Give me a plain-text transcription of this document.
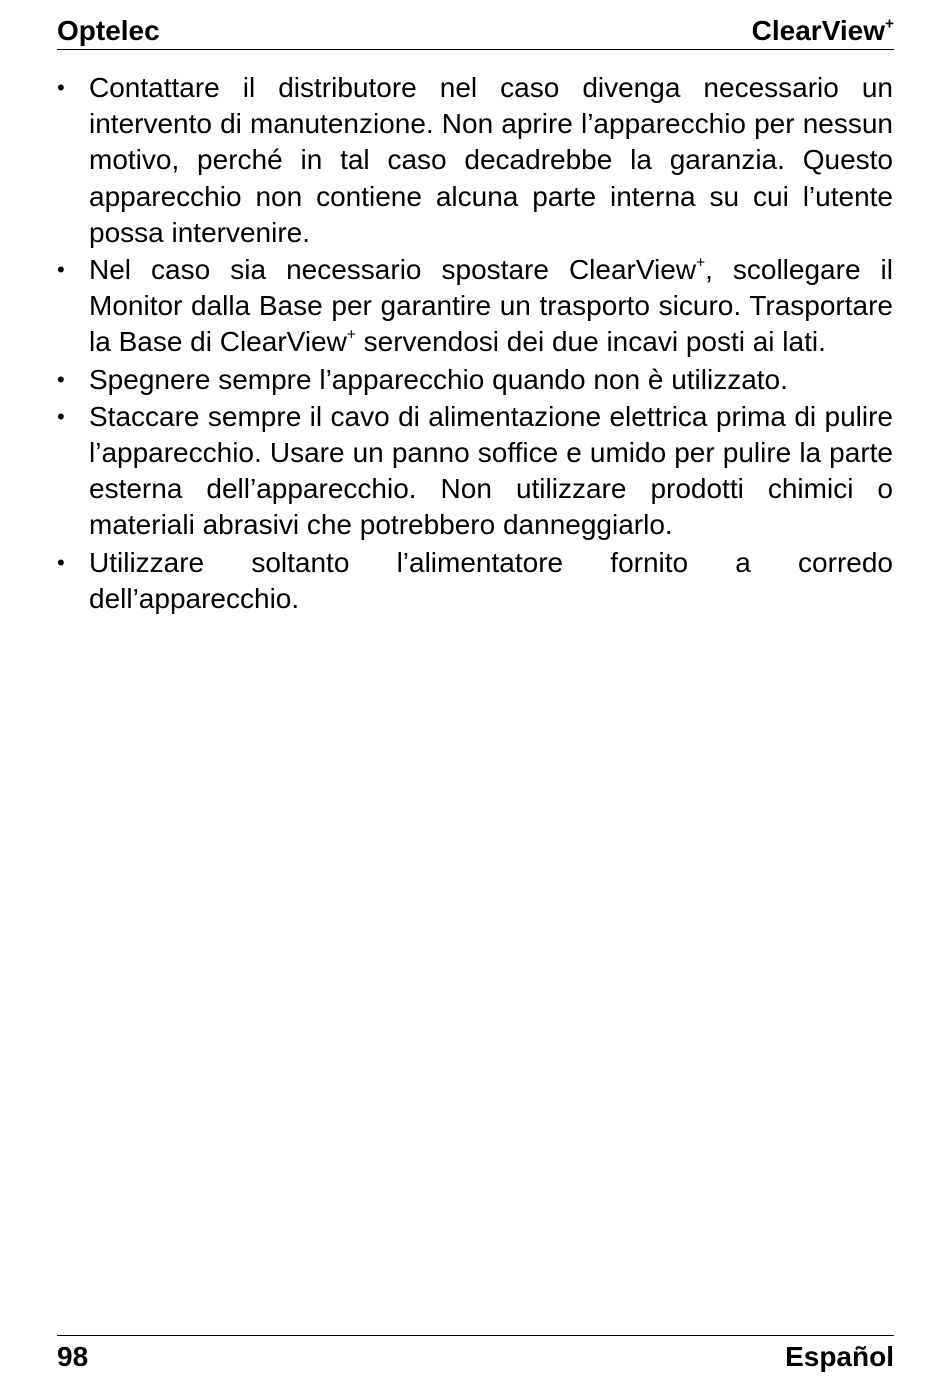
Optelec	ClearView+
• Contattare il distributore nel caso divenga necessario un intervento di manutenzione. Non aprire l’apparecchio per nessun motivo, perché in tal caso decadrebbe la garanzia. Questo apparecchio non contiene alcuna parte interna su cui l’utente possa intervenire.
• Nel caso sia necessario spostare ClearView+, scollegare il Monitor dalla Base per garantire un trasporto sicuro. Trasportare la Base di ClearView+ servendosi dei due incavi posti ai lati.
• Spegnere sempre l’apparecchio quando non è utilizzato.
• Staccare sempre il cavo di alimentazione elettrica prima di pulire l’apparecchio. Usare un panno soffice e umido per pulire la parte esterna dell’apparecchio. Non utilizzare prodotti chimici o materiali abrasivi che potrebbero danneggiarlo.
• Utilizzare soltanto l’alimentatore fornito a corredo dell’apparecchio.
98	Español
